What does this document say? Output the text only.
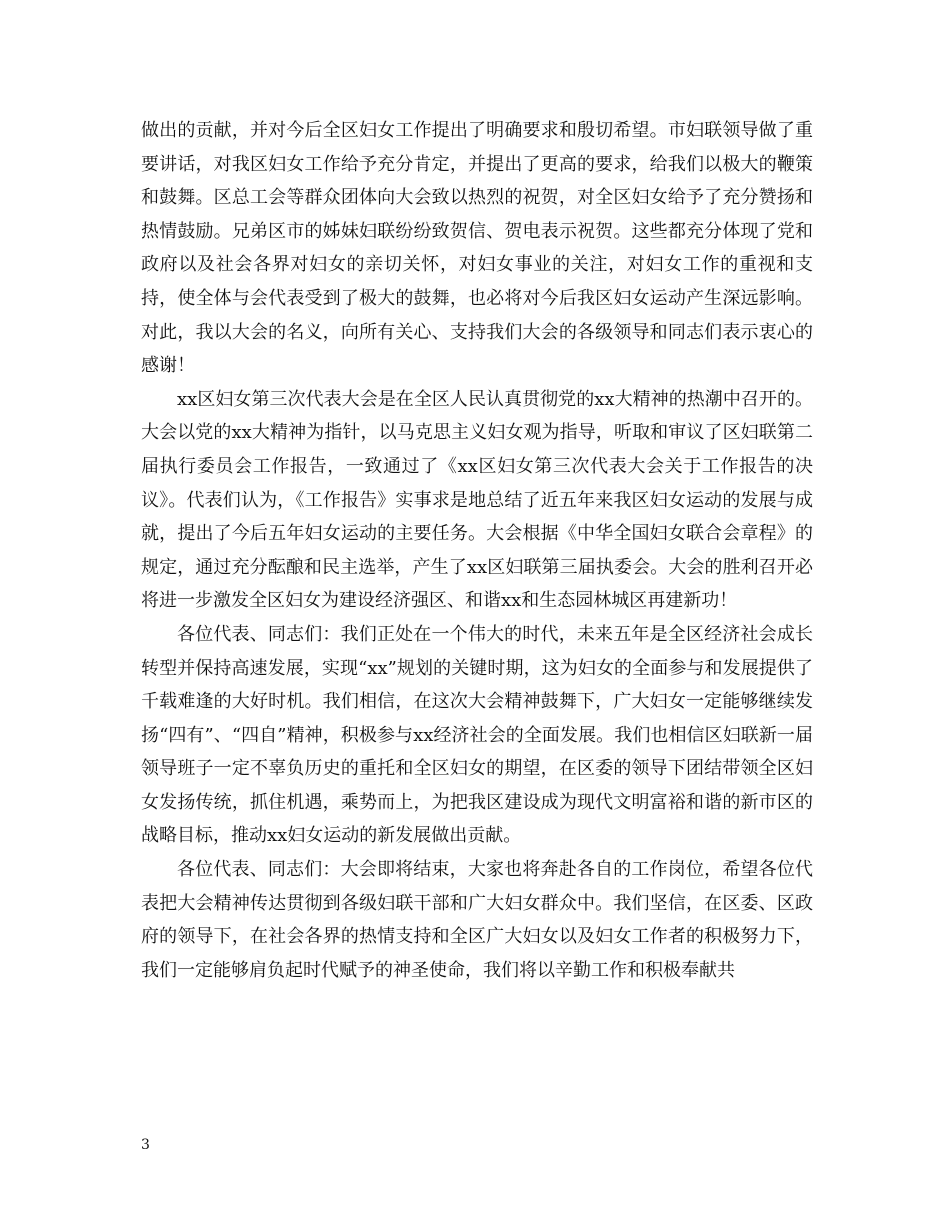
做出的贡献，并对今后全区妇女工作提出了明确要求和殷切希望。市妇联领导做了重要讲话，对我区妇女工作给予充分肯定，并提出了更高的要求，给我们以极大的鞭策和鼓舞。区总工会等群众团体向大会致以热烈的祝贺，对全区妇女给予了充分赞扬和热情鼓励。兄弟区市的姊妹妇联纷纷致贺信、贺电表示祝贺。这些都充分体现了党和政府以及社会各界对妇女的亲切关怀，对妇女事业的关注，对妇女工作的重视和支持，使全体与会代表受到了极大的鼓舞，也必将对今后我区妇女运动产生深远影响。对此，我以大会的名义，向所有关心、支持我们大会的各级领导和同志们表示衷心的感谢！

xx区妇女第三次代表大会是在全区人民认真贯彻党的xx大精神的热潮中召开的。大会以党的xx大精神为指针，以马克思主义妇女观为指导，听取和审议了区妇联第二届执行委员会工作报告，一致通过了《xx区妇女第三次代表大会关于工作报告的决议》。代表们认为，《工作报告》实事求是地总结了近五年来我区妇女运动的发展与成就，提出了今后五年妇女运动的主要任务。大会根据《中华全国妇女联合会章程》的规定，通过充分酝酿和民主选举，产生了xx区妇联第三届执委会。大会的胜利召开必将进一步激发全区妇女为建设经济强区、和谐xx和生态园林城区再建新功！

各位代表、同志们：我们正处在一个伟大的时代，未来五年是全区经济社会成长转型并保持高速发展，实现“xx”规划的关键时期，这为妇女的全面参与和发展提供了千载难逢的大好时机。我们相信，在这次大会精神鼓舞下，广大妇女一定能够继续发扬“四有”、“四自”精神，积极参与xx经济社会的全面发展。我们也相信区妇联新一届领导班子一定不辜负历史的重托和全区妇女的期望，在区委的领导下团结带领全区妇女发扬传统，抓住机遇，乘势而上，为把我区建设成为现代文明富裕和谐的新市区的战略目标，推动xx妇女运动的新发展做出贡献。

各位代表、同志们：大会即将结束，大家也将奔赴各自的工作岗位，希望各位代表把大会精神传达贯彻到各级妇联干部和广大妇女群众中。我们坚信，在区委、区政府的领导下，在社会各界的热情支持和全区广大妇女以及妇女工作者的积极努力下，我们一定能够肩负起时代赋予的神圣使命，我们将以辛勤工作和积极奉献共

3
